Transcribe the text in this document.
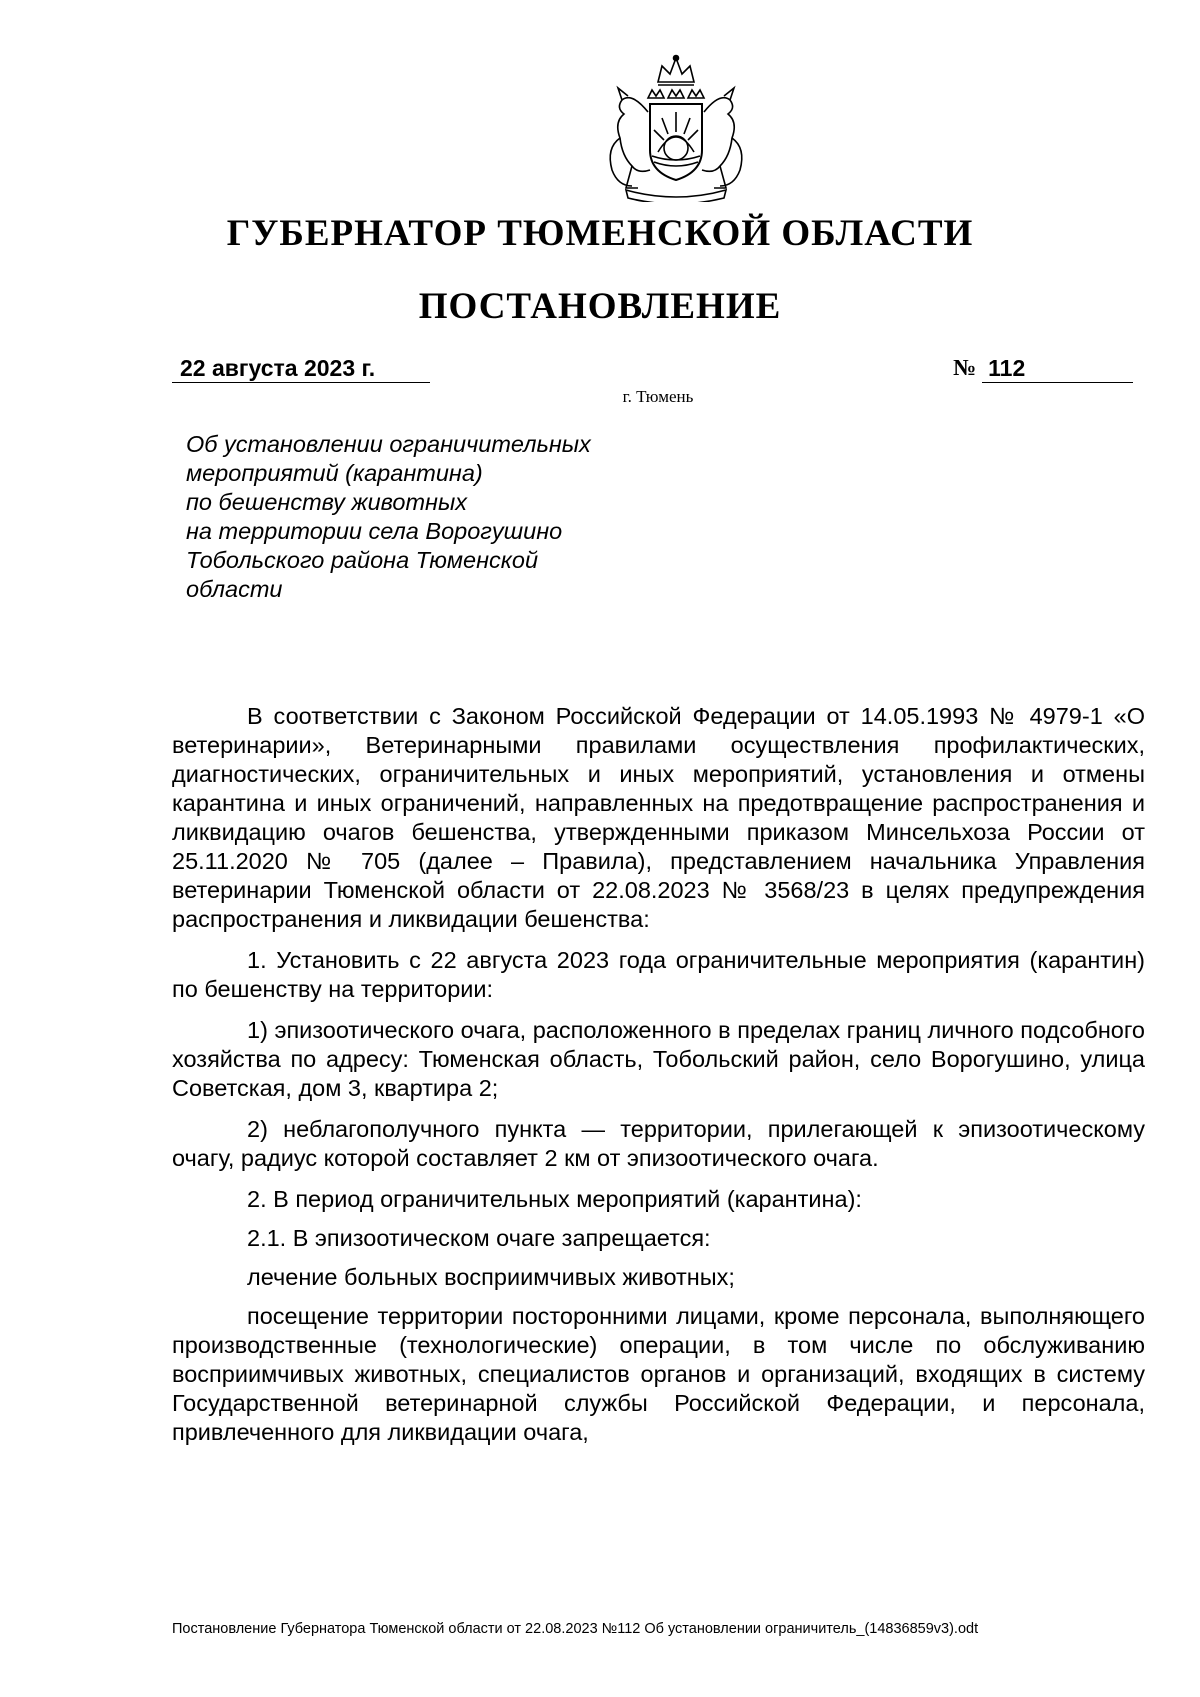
ГУБЕРНАТОР ТЮМЕНСКОЙ ОБЛАСТИ
ПОСТАНОВЛЕНИЕ
22 августа 2023 г.	№ 112
г. Тюмень
Об установлении ограничительных
мероприятий (карантина)
по бешенству животных
на территории села Ворогушино
Тобольского района Тюменской
области

В соответствии с Законом Российской Федерации от 14.05.1993 № 4979-1 «О ветеринарии», Ветеринарными правилами осуществления профилактических, диагностических, ограничительных и иных мероприятий, установления и отмены карантина и иных ограничений, направленных на предотвращение распространения и ликвидацию очагов бешенства, утвержденными приказом Минсельхоза России от 25.11.2020 № 705 (далее – Правила), представлением начальника Управления ветеринарии Тюменской области от 22.08.2023 № 3568/23 в целях предупреждения распространения и ликвидации бешенства:

1. Установить с 22 августа 2023 года ограничительные мероприятия (карантин) по бешенству на территории:

1) эпизоотического очага, расположенного в пределах границ личного подсобного хозяйства по адресу: Тюменская область, Тобольский район, село Ворогушино, улица Советская, дом 3, квартира 2;

2) неблагополучного пункта — территории, прилегающей к эпизоотическому очагу, радиус которой составляет 2 км от эпизоотического очага.

2. В период ограничительных мероприятий (карантина):

2.1. В эпизоотическом очаге запрещается:

лечение больных восприимчивых животных;

посещение территории посторонними лицами, кроме персонала, выполняющего производственные (технологические) операции, в том числе по обслуживанию восприимчивых животных, специалистов органов и организаций, входящих в систему Государственной ветеринарной службы Российской Федерации, и персонала, привлеченного для ликвидации очага,

Постановление Губернатора Тюменской области от 22.08.2023 №112 Об установлении ограничитель_(14836859v3).odt
